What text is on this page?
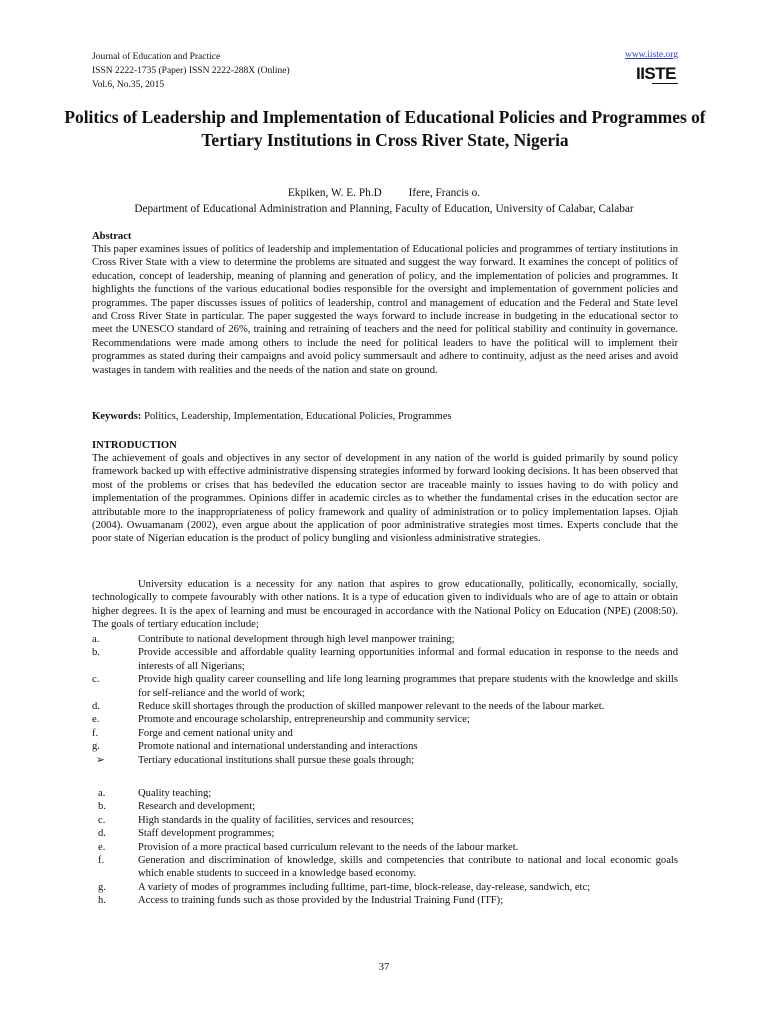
Journal of Education and Practice
ISSN 2222-1735 (Paper) ISSN 2222-288X (Online)
Vol.6, No.35, 2015
www.iiste.org
IISTE
Politics of Leadership and Implementation of Educational Policies and Programmes of Tertiary Institutions in Cross River State, Nigeria
Ekpiken, W. E. Ph.D Ifere, Francis o.
Department of Educational Administration and Planning, Faculty of Education, University of Calabar, Calabar
Abstract
This paper examines issues of politics of leadership and implementation of Educational policies and programmes of tertiary institutions in Cross River State with a view to determine the problems are situated and suggest the way forward. It examines the concept of politics of education, concept of leadership, meaning of planning and generation of policy, and the implementation of policies and programmes. It highlights the functions of the various educational bodies responsible for the oversight and implementation of government policies and programmes. The paper discusses issues of politics of leadership, control and management of education and the Federal and State level and Cross River State in particular. The paper suggested the ways forward to include increase in budgeting in the educational sector to meet the UNESCO standard of 26%, training and retraining of teachers and the need for political stability and continuity in governance. Recommendations were made among others to include the need for political leaders to have the political will to implement their programmes as stated during their campaigns and avoid policy summersault and adhere to continuity, adjust as the need arises and avoid wastages in tandem with realities and the needs of the nation and state on ground.
Keywords: Politics, Leadership, Implementation, Educational Policies, Programmes
INTRODUCTION
The achievement of goals and objectives in any sector of development in any nation of the world is guided primarily by sound policy framework backed up with effective administrative dispensing strategies informed by forward looking decisions. It has been observed that most of the problems or crises that has bedeviled the education sector are traceable mainly to issues having to do with policy and implementation of the programmes. Opinions differ in academic circles as to whether the fundamental crises in the education sector are attributable more to the inappropriateness of policy framework and quality of administration or to policy implementation lapses. Ojiah (2004). Owuamanam (2002), even argue about the application of poor administrative strategies most times. Experts conclude that the poor state of Nigerian education is the product of policy bungling and visionless administrative strategies.
University education is a necessity for any nation that aspires to grow educationally, politically, economically, socially, technologically to compete favourably with other nations. It is a type of education given to individuals who are of age to attain or obtain higher degrees. It is the apex of learning and must be encouraged in accordance with the National Policy on Education (NPE) (2008:50). The goals of tertiary education include;
a.	Contribute to national development through high level manpower training;
b.	Provide accessible and affordable quality learning opportunities informal and formal education in response to the needs and interests of all Nigerians;
c.	Provide high quality career counselling and life long learning programmes that prepare students with the knowledge and skills for self-reliance and the world of work;
d.	Reduce skill shortages through the production of skilled manpower relevant to the needs of the labour market.
e.	Promote and encourage scholarship, entrepreneurship and community service;
f.	Forge and cement national unity and
g.	Promote national and international understanding and interactions
➢	Tertiary educational institutions shall pursue these goals through;
a.	Quality teaching;
b.	Research and development;
c.	High standards in the quality of facilities, services and resources;
d.	Staff development programmes;
e.	Provision of a more practical based curriculum relevant to the needs of the labour market.
f.	Generation and discrimination of knowledge, skills and competencies that contribute to national and local economic goals which enable students to succeed in a knowledge based economy.
g.	A variety of modes of programmes including fulltime, part-time, block-release, day-release, sandwich, etc;
h.	Access to training funds such as those provided by the Industrial Training Fund (ITF);
37
